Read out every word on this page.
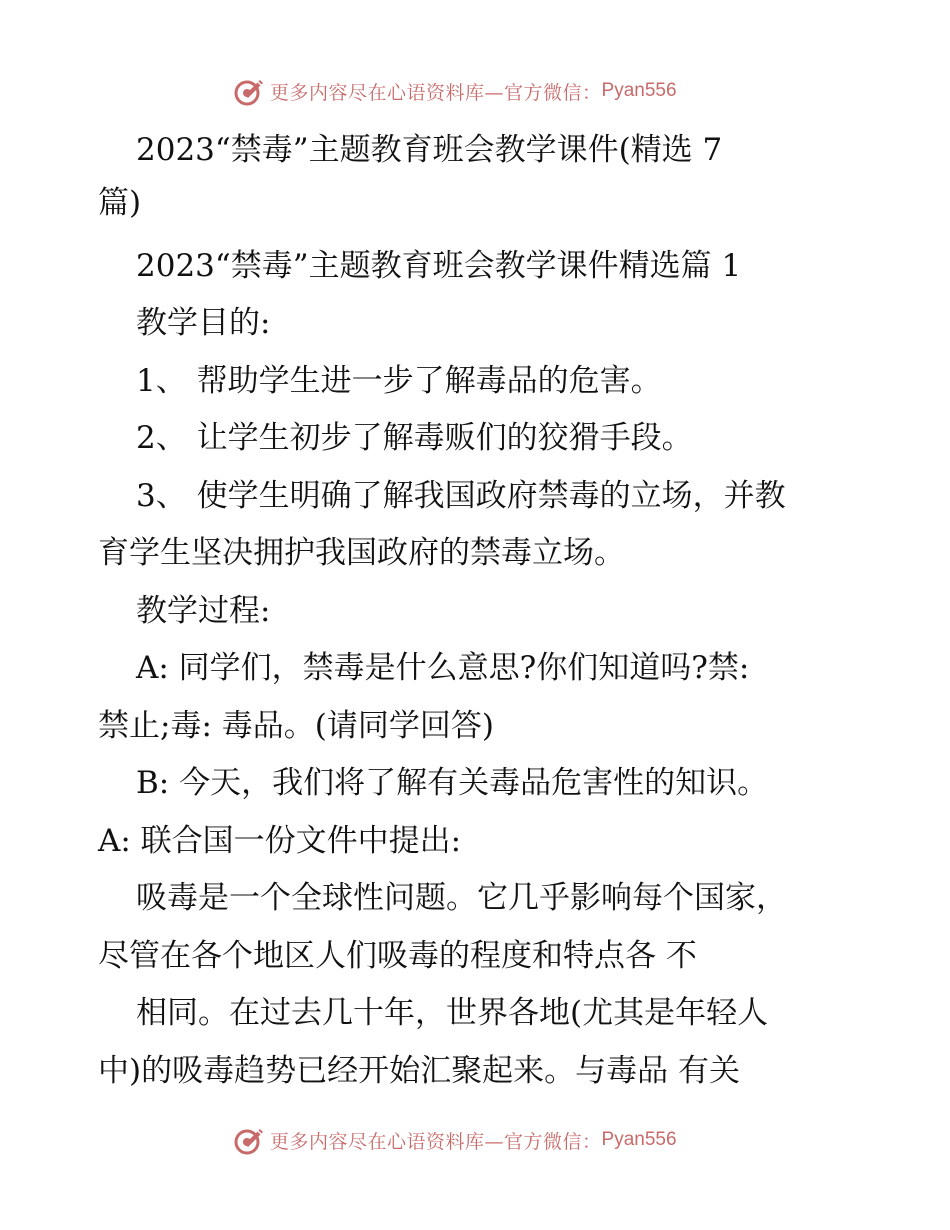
更多内容尽在心语资料库—官方微信： Pyan556
2023“禁毒”主题教育班会教学课件(精选 7
篇)
2023“禁毒”主题教育班会教学课件精选篇 1
教学目的:
1、 帮助学生进一步了解毒品的危害。
2、 让学生初步了解毒贩们的狡猾手段。
3、 使学生明确了解我国政府禁毒的立场，并教
育学生坚决拥护我国政府的禁毒立场。
教学过程:
A: 同学们，禁毒是什么意思?你们知道吗?禁:
禁止;毒: 毒品。(请同学回答)
B: 今天，我们将了解有关毒品危害性的知识。
A: 联合国一份文件中提出:
吸毒是一个全球性问题。它几乎影响每个国家，
尽管在各个地区人们吸毒的程度和特点各 不
相同。在过去几十年，世界各地(尤其是年轻人
中)的吸毒趋势已经开始汇聚起来。与毒品 有关
更多内容尽在心语资料库—官方微信： Pyan556
